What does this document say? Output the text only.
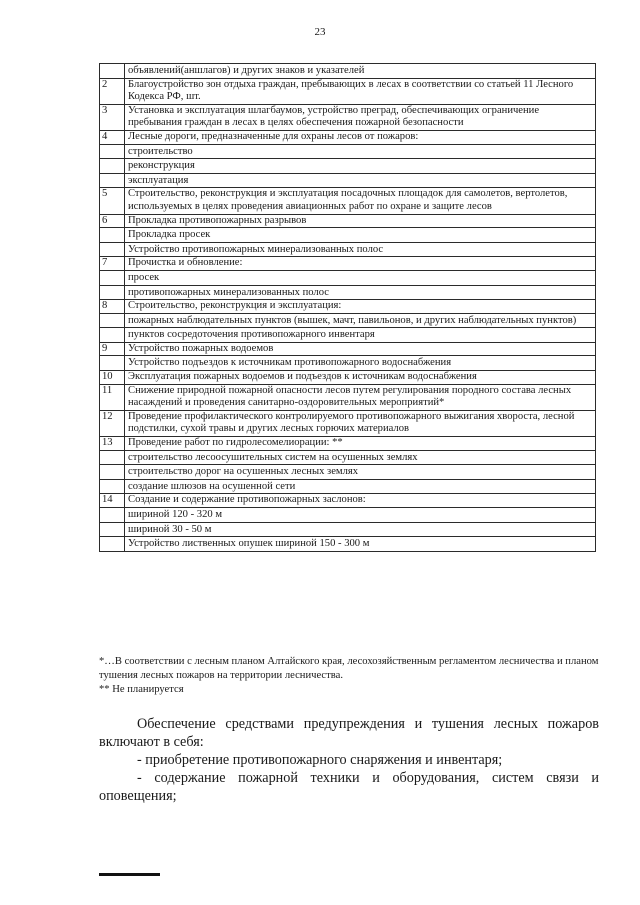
23
	объявлений(аншлагов) и других знаков и указателей
2	Благоустройство зон отдыха граждан, пребывающих в лесах в соответствии со статьей 11 Лесного Кодекса РФ, шт.
3	Установка и эксплуатация шлагбаумов, устройство преград, обеспечивающих ограничение пребывания граждан в лесах в целях обеспечения пожарной безопасности
4	Лесные дороги, предназначенные для охраны лесов от пожаров:
	строительство
	реконструкция
	эксплуатация
5	Строительство, реконструкция и эксплуатация посадочных площадок для самолетов, вертолетов, используемых в целях проведения авиационных работ по охране и защите лесов
6	Прокладка противопожарных разрывов
	Прокладка просек
	Устройство противопожарных минерализованных полос
7	Прочистка и обновление:
	просек
	противопожарных минерализованных полос
8	Строительство, реконструкция и эксплуатация:
	пожарных наблюдательных пунктов (вышек, мачт, павильонов, и других наблюдательных пунктов)
	пунктов сосредоточения противопожарного инвентаря
9	Устройство пожарных водоемов
	Устройство подъездов к источникам противопожарного водоснабжения
10	Эксплуатация пожарных водоемов и подъездов к источникам водоснабжения
11	Снижение природной пожарной опасности лесов путем регулирования породного состава лесных насаждений и проведения санитарно-оздоровительных мероприятий*
12	Проведение профилактического контролируемого противопожарного выжигания хвороста, лесной подстилки, сухой травы и других лесных горючих материалов
13	Проведение работ по гидролесомелиорации: **
	строительство лесоосушительных систем на осушенных землях
	строительство дорог на осушенных лесных землях
	создание шлюзов на осушенной сети
14	Создание и содержание противопожарных заслонов:
	шириной 120 - 320 м
	шириной 30 - 50 м
	Устройство лиственных опушек шириной 150 - 300 м

*…В соответствии с лесным планом Алтайского края, лесохозяйственным регламентом лесничества и планом тушения лесных пожаров на территории лесничества.

** Не планируется

Обеспечение средствами предупреждения и тушения лесных пожаров включают в себя:

- приобретение противопожарного снаряжения и инвентаря;

- содержание пожарной техники и оборудования, систем связи и оповещения;
